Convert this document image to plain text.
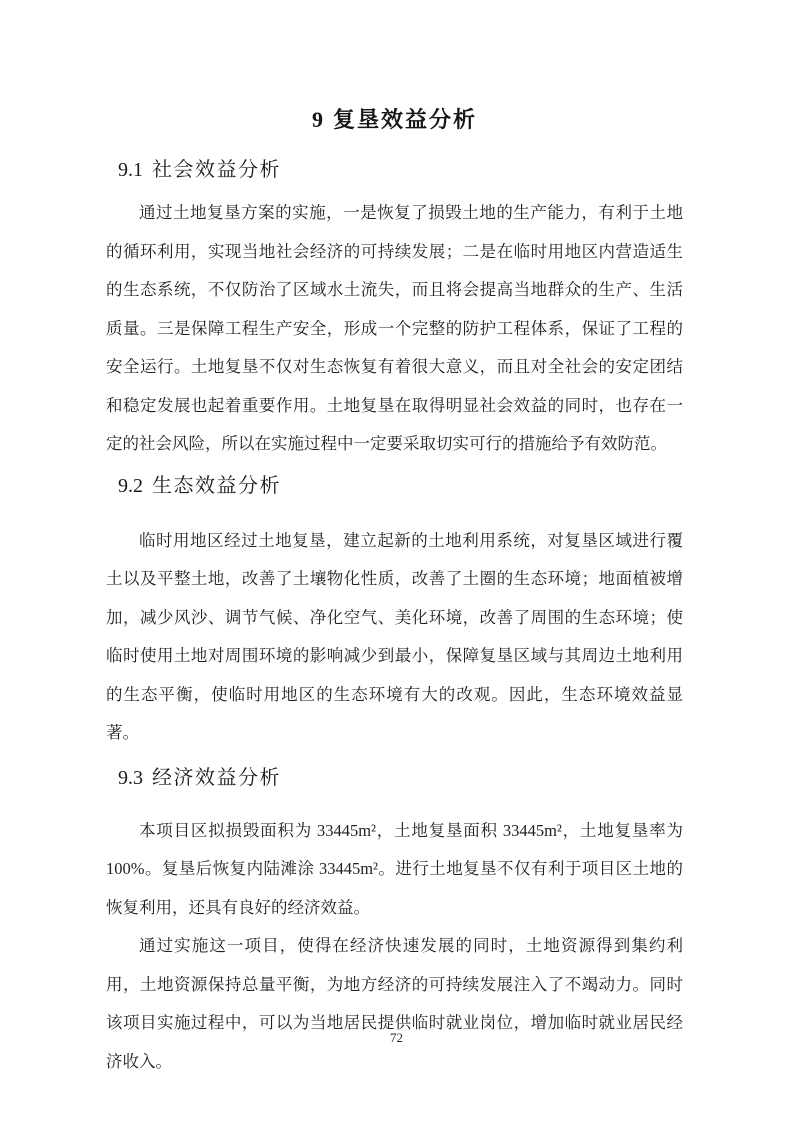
9 复垦效益分析
9.1 社会效益分析

通过土地复垦方案的实施，一是恢复了损毁土地的生产能力，有利于土地的循环利用，实现当地社会经济的可持续发展；二是在临时用地区内营造适生的生态系统，不仅防治了区域水土流失，而且将会提高当地群众的生产、生活质量。三是保障工程生产安全，形成一个完整的防护工程体系，保证了工程的安全运行。土地复垦不仅对生态恢复有着很大意义，而且对全社会的安定团结和稳定发展也起着重要作用。土地复垦在取得明显社会效益的同时，也存在一定的社会风险，所以在实施过程中一定要采取切实可行的措施给予有效防范。

9.2 生态效益分析

临时用地区经过土地复垦，建立起新的土地利用系统，对复垦区域进行覆土以及平整土地，改善了土壤物化性质，改善了土圈的生态环境；地面植被增加，减少风沙、调节气候、净化空气、美化环境，改善了周围的生态环境；使临时使用土地对周围环境的影响减少到最小，保障复垦区域与其周边土地利用的生态平衡，使临时用地区的生态环境有大的改观。因此，生态环境效益显著。

9.3 经济效益分析

本项目区拟损毁面积为 33445m²，土地复垦面积 33445m²，土地复垦率为 100%。复垦后恢复内陆滩涂 33445m²。进行土地复垦不仅有利于项目区土地的恢复利用，还具有良好的经济效益。

通过实施这一项目，使得在经济快速发展的同时，土地资源得到集约利用，土地资源保持总量平衡，为地方经济的可持续发展注入了不竭动力。同时该项目实施过程中，可以为当地居民提供临时就业岗位，增加临时就业居民经济收入。

72
